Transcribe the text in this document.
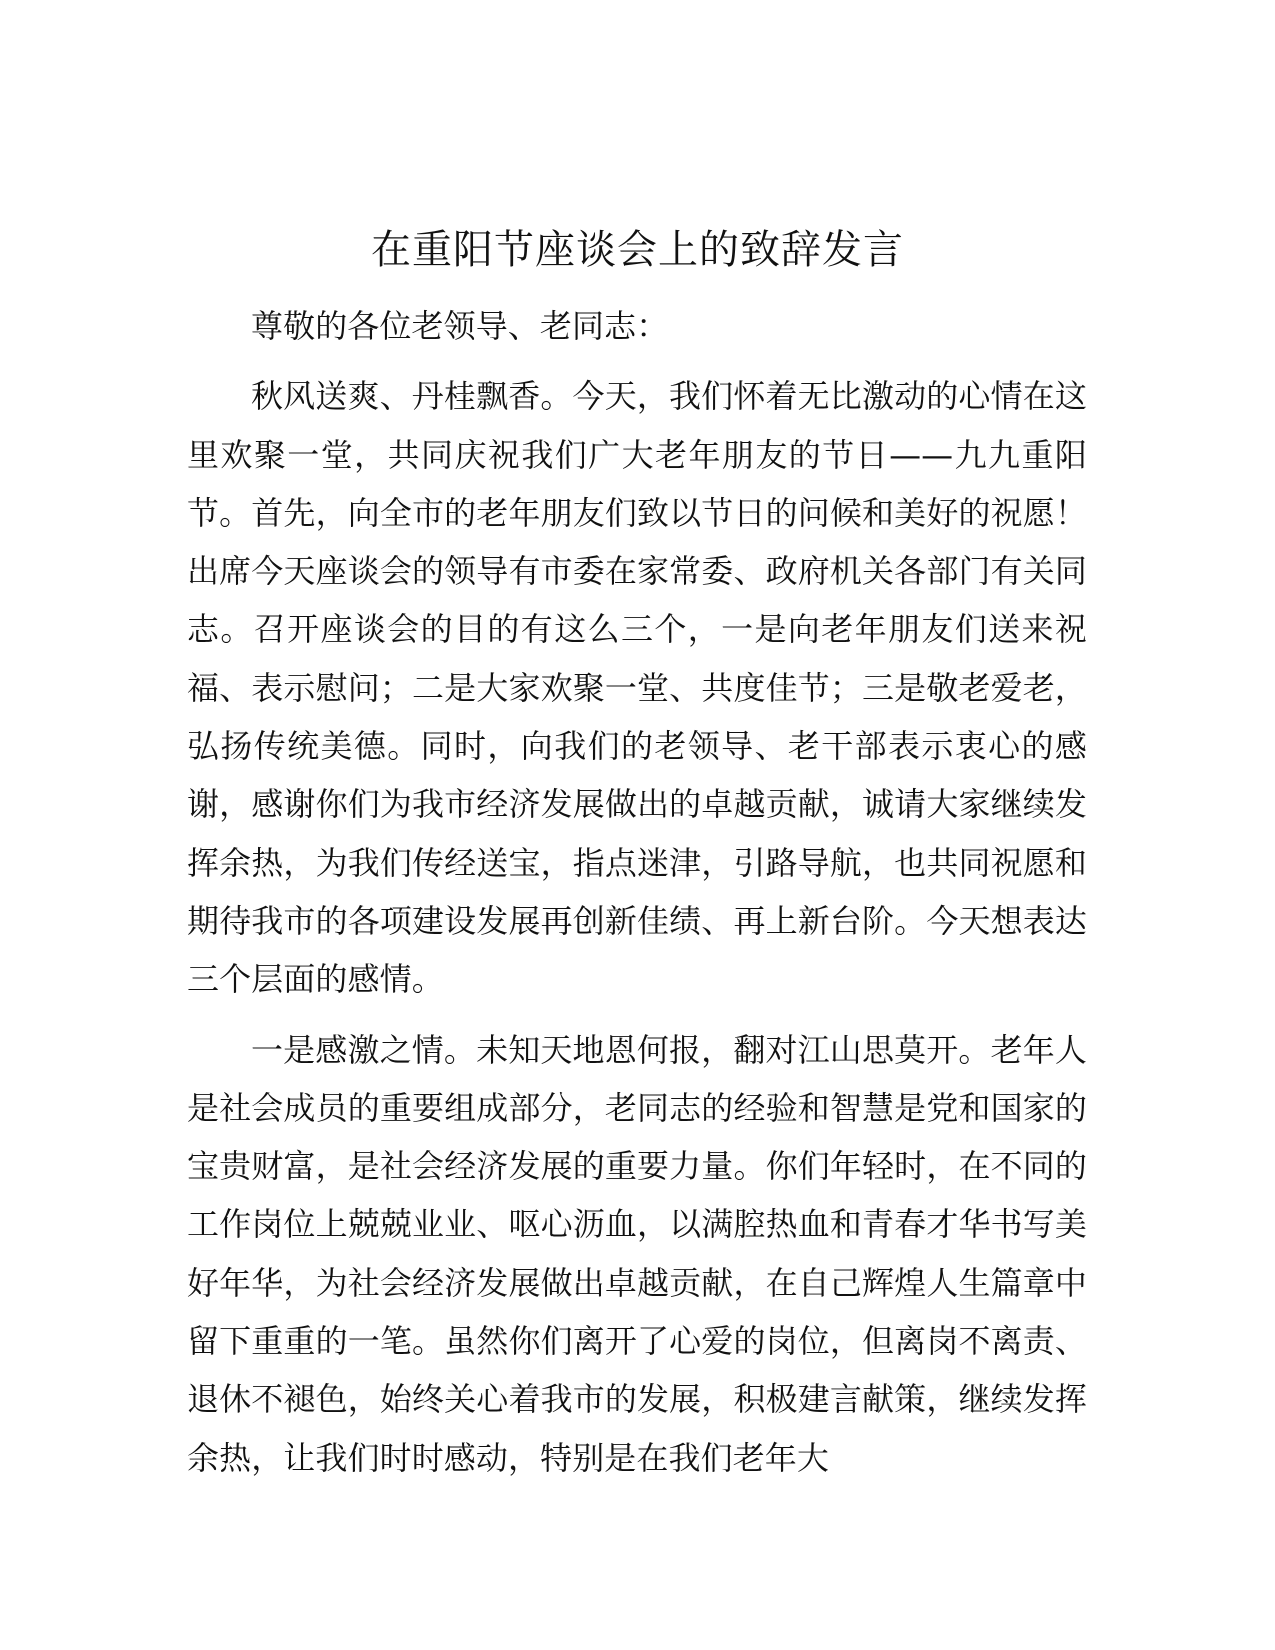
在重阳节座谈会上的致辞发言

尊敬的各位老领导、老同志：

秋风送爽、丹桂飘香。今天，我们怀着无比激动的心情在这里欢聚一堂，共同庆祝我们广大老年朋友的节日——九九重阳节。首先，向全市的老年朋友们致以节日的问候和美好的祝愿！出席今天座谈会的领导有市委在家常委、政府机关各部门有关同志。召开座谈会的目的有这么三个，一是向老年朋友们送来祝福、表示慰问；二是大家欢聚一堂、共度佳节；三是敬老爱老，弘扬传统美德。同时，向我们的老领导、老干部表示衷心的感谢，感谢你们为我市经济发展做出的卓越贡献，诚请大家继续发挥余热，为我们传经送宝，指点迷津，引路导航，也共同祝愿和期待我市的各项建设发展再创新佳绩、再上新台阶。今天想表达三个层面的感情。

一是感激之情。未知天地恩何报，翻对江山思莫开。老年人是社会成员的重要组成部分，老同志的经验和智慧是党和国家的宝贵财富，是社会经济发展的重要力量。你们年轻时，在不同的工作岗位上兢兢业业、呕心沥血，以满腔热血和青春才华书写美好年华，为社会经济发展做出卓越贡献，在自己辉煌人生篇章中留下重重的一笔。虽然你们离开了心爱的岗位，但离岗不离责、退休不褪色，始终关心着我市的发展，积极建言献策，继续发挥余热，让我们时时感动，特别是在我们老年大
